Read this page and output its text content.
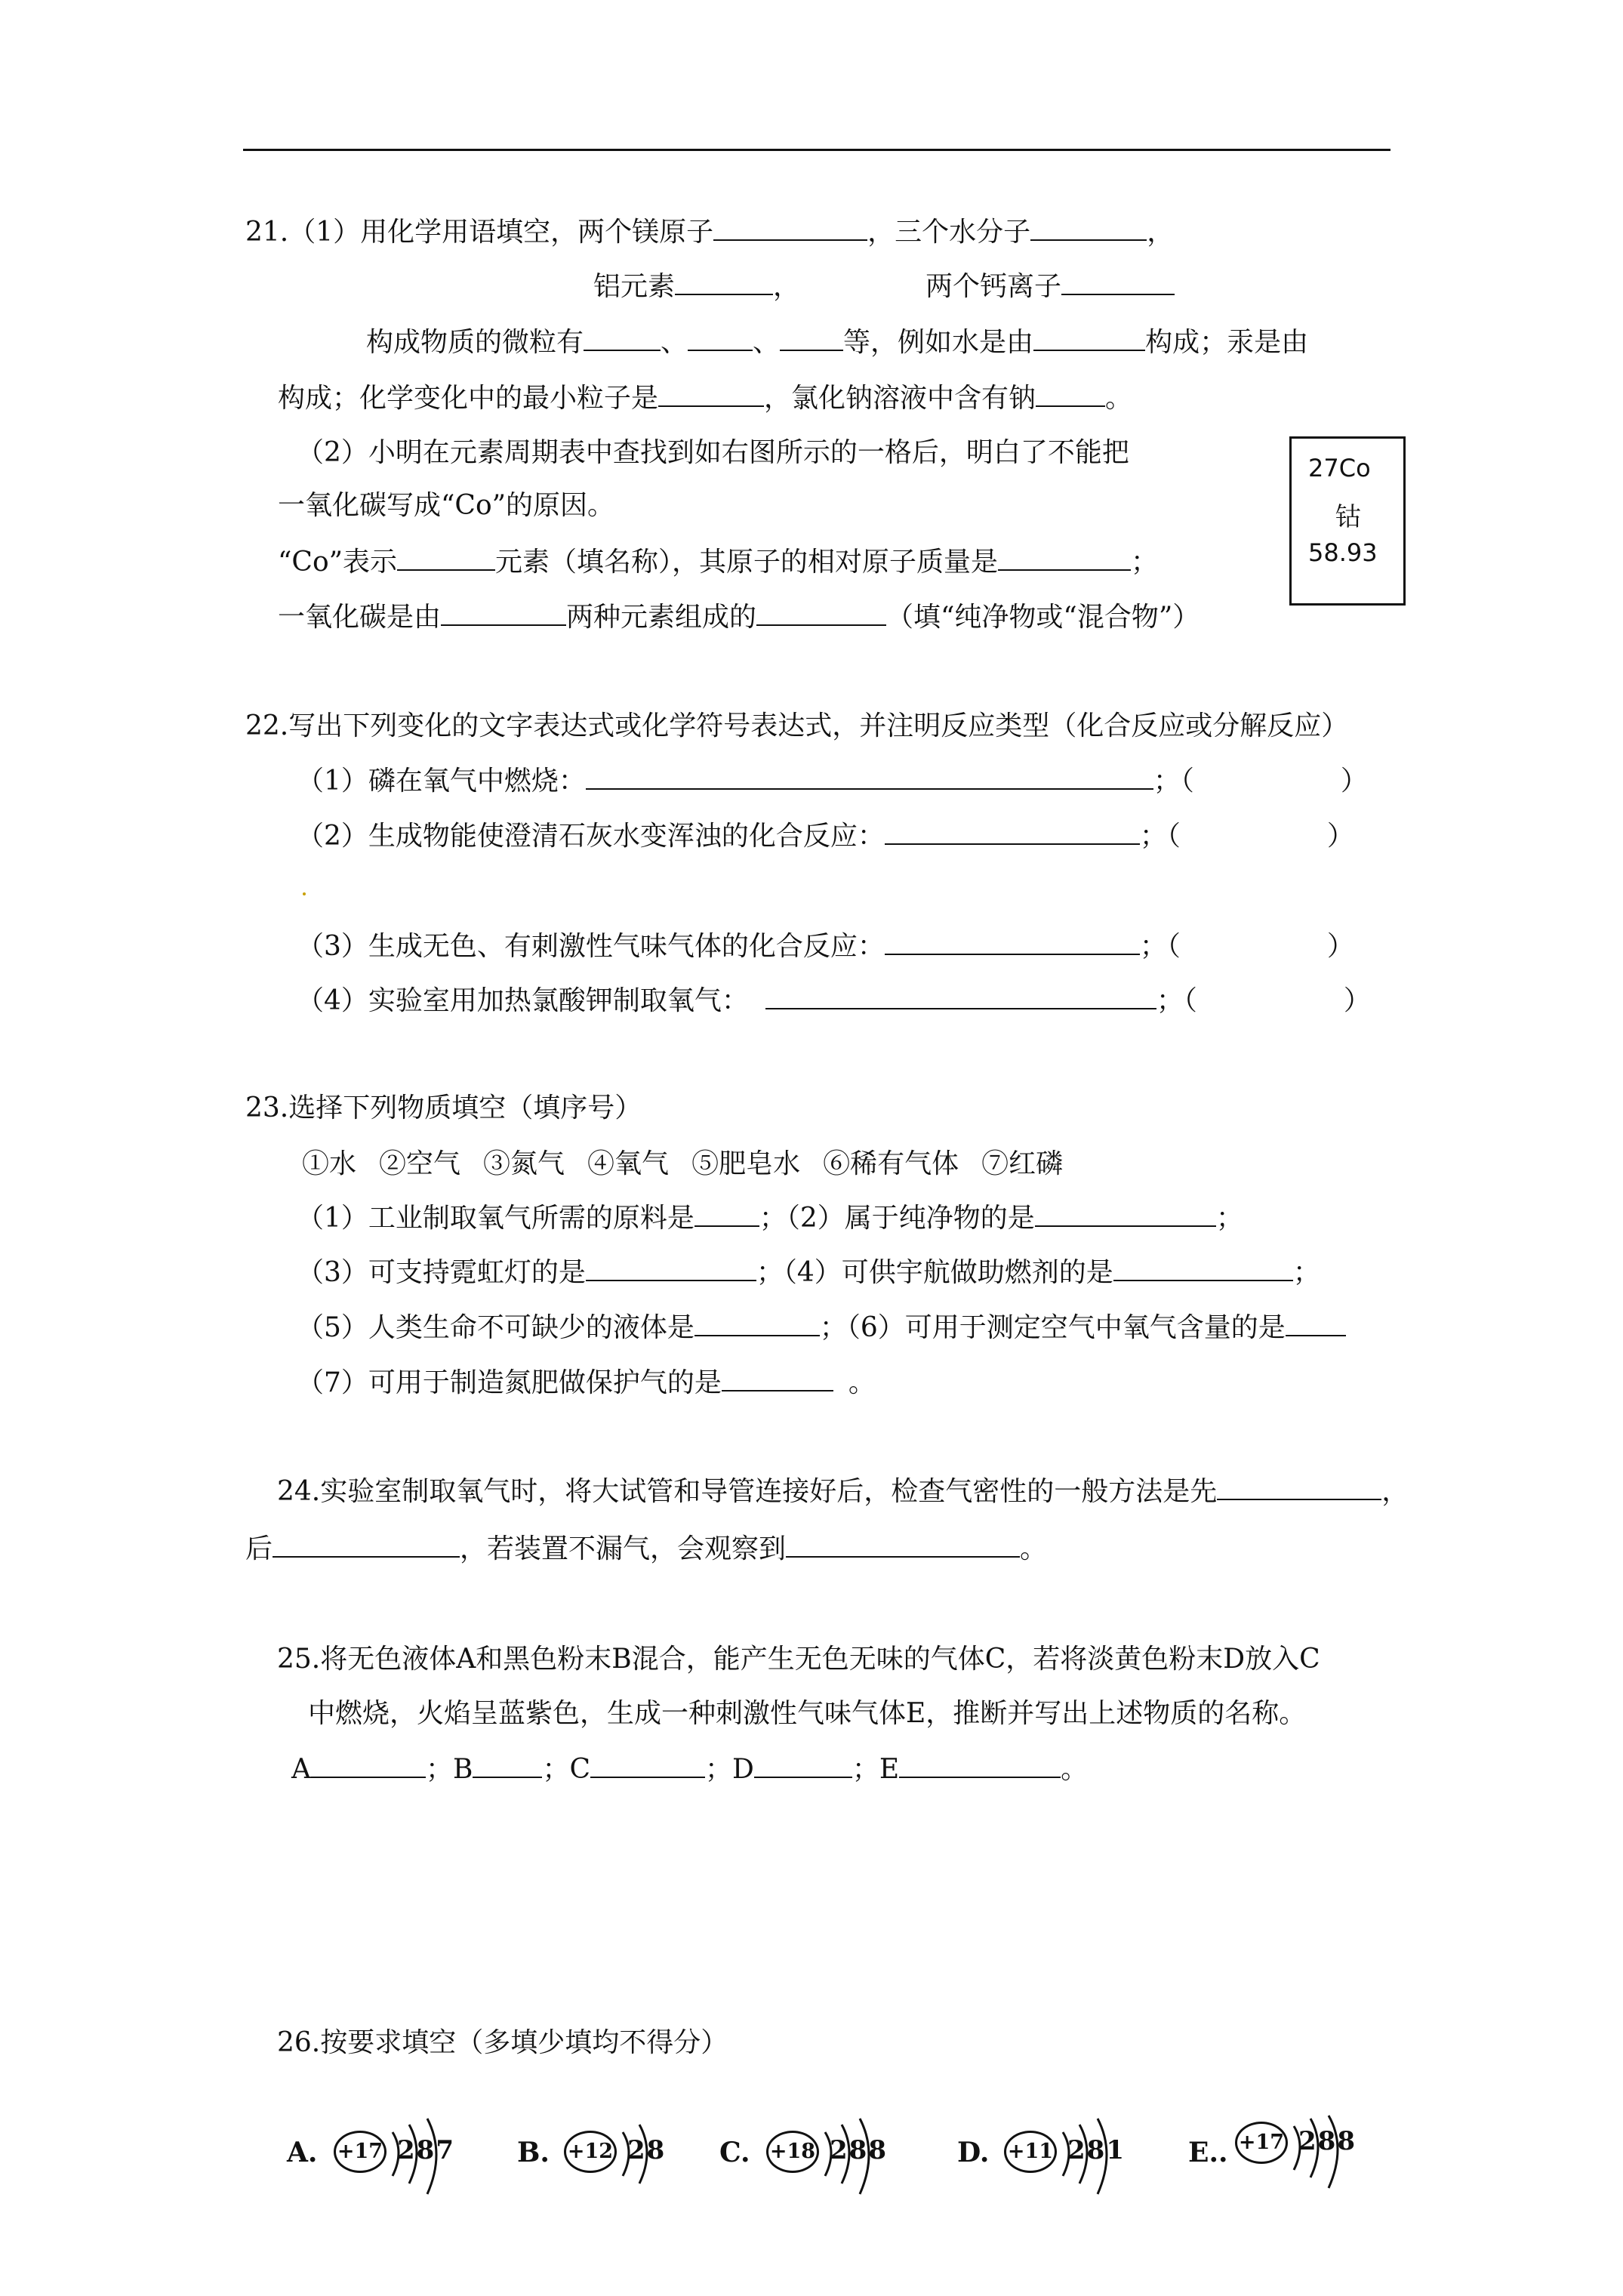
21.（1）用化学用语填空，两个镁原子	，三个水分子	，
铝元素	，	两个钙离子
构成物质的微粒有	、 、 等，例如水是由	构成；汞是由
构成；化学变化中的最小粒子是	，氯化钠溶液中含有钠	。
（2）小明在元素周期表中查找到如右图所示的一格后，明白了不能把
一氧化碳写成“Co”的原因。
“Co”表示	元素（填名称），其原子的相对原子质量是	；
一氧化碳是由	两种元素组成的	（填“纯净物或“混合物”）
27Co
钴
58.93
22.写出下列变化的文字表达式或化学符号表达式，并注明反应类型（化合反应或分解反应）
（1）磷在氧气中燃烧：	；（	）
（2）生成物能使澄清石灰水变浑浊的化合反应：	；（	）
（3）生成无色、有刺激性气味气体的化合反应：	；（	）
（4）实验室用加热氯酸钾制取氧气：	；（	）
23.选择下列物质填空（填序号）
①水 ②空气 ③氮气 ④氧气 ⑤肥皂水 ⑥稀有气体 ⑦红磷
（1）工业制取氧气所需的原料是 ；（2）属于纯净物的是	；
（3）可支持霓虹灯的是	；（4）可供宇航做助燃剂的是	；
（5）人类生命不可缺少的液体是	；（6）可用于测定空气中氧气含量的是
（7）可用于制造氮肥做保护气的是	。
24.实验室制取氧气时，将大试管和导管连接好后，检查气密性的一般方法是先	，
后	，若装置不漏气，会观察到	。
25.将无色液体A和黑色粉末B混合，能产生无色无味的气体C，若将淡黄色粉末D放入C
中燃烧，火焰呈蓝紫色，生成一种刺激性气味气体E，推断并写出上述物质的名称。
A	；B	；C	；D	；E	。
26.按要求填空（多填少填均不得分）
A. +17 287 B. +12 28 C. +18 288	D. +11 281 E.. +17 288
